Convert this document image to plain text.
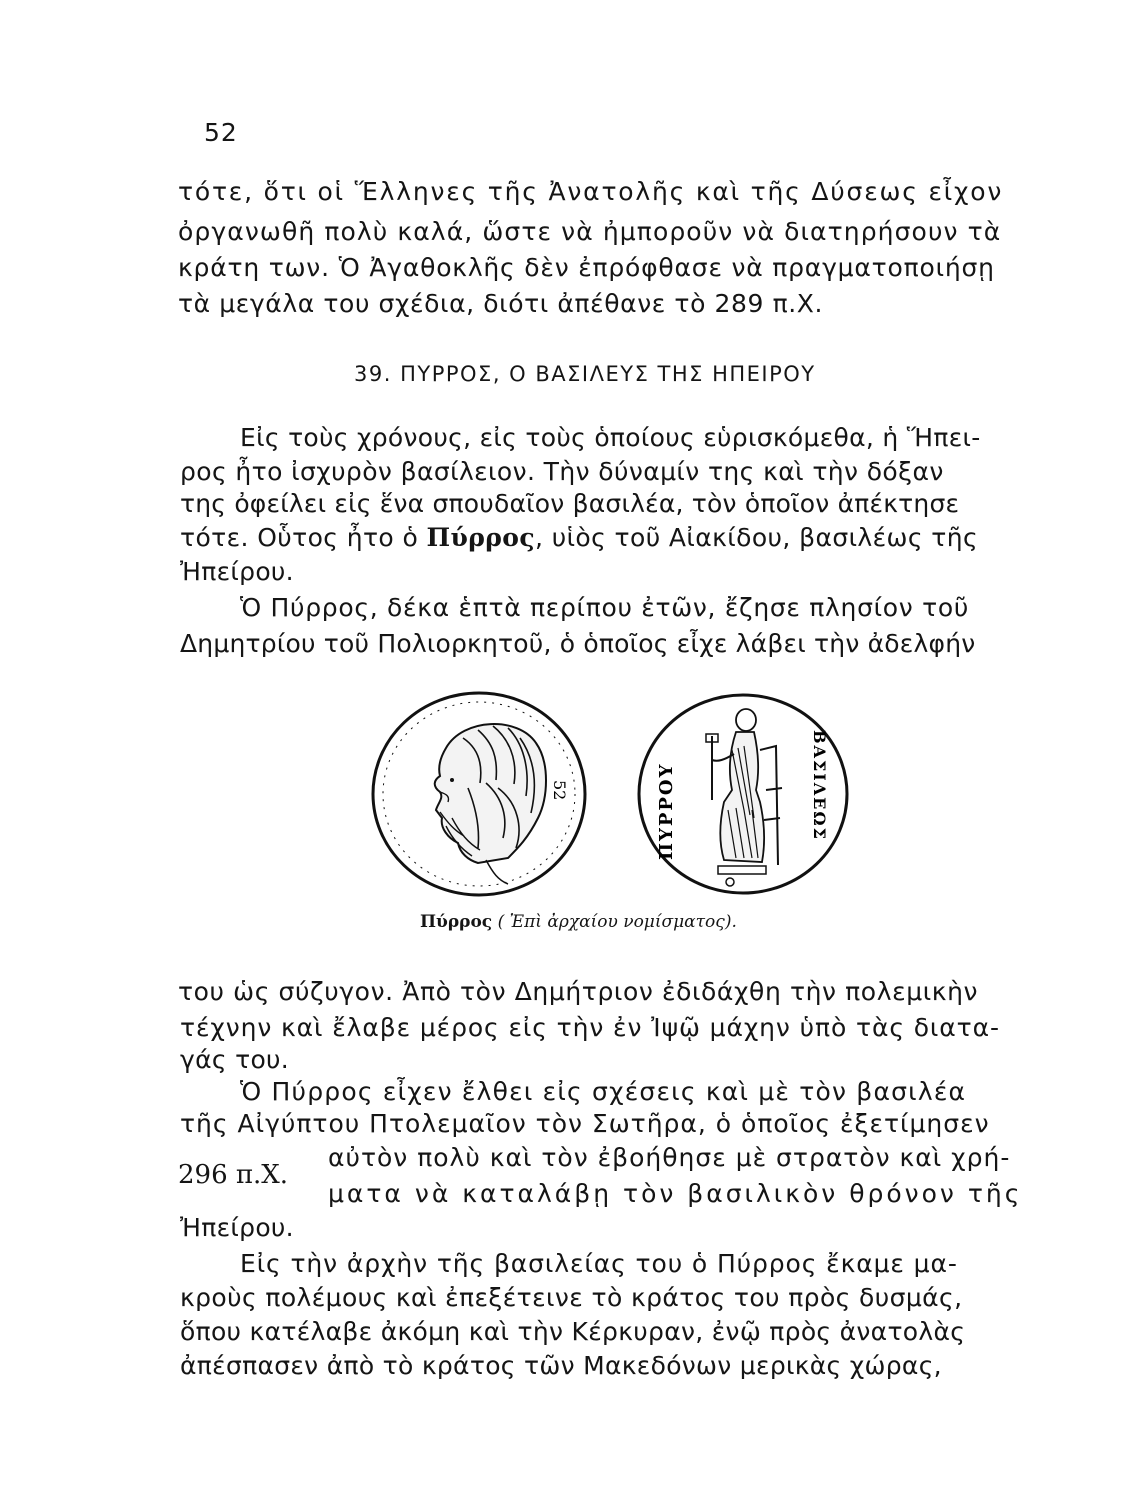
52
τότε, ὅτι οἱ Ἕλληνες τῆς Ἀνατολῆς καὶ τῆς Δύσεως εἶχον
ὀργανωθῆ πολὺ καλά, ὥστε νὰ ἠμποροῦν νὰ διατηρήσουν τὰ
κράτη των. Ὁ Ἀγαθοκλῆς δὲν ἐπρόφθασε νὰ πραγματοποιήσῃ
τὰ μεγάλα του σχέδια, διότι ἀπέθανε τὸ 289 π.Χ.
39. ΠΥΡΡΟΣ, Ο ΒΑΣΙΛΕΥΣ ΤΗΣ ΗΠΕΙΡΟΥ
Εἰς τοὺς χρόνους, εἰς τοὺς ὁποίους εὑρισκόμεθα, ἡ Ἥπει-
ρος ἦτο ἰσχυρὸν βασίλειον. Τὴν δύναμίν της καὶ τὴν δόξαν
της ὀφείλει εἰς ἕνα σπουδαῖον βασιλέα, τὸν ὁποῖον ἀπέκτησε
τότε. Οὗτος ἦτο ὁ Πύρρος, υἱὸς τοῦ Αἰακίδου, βασιλέως τῆς
Ἠπείρου.
Ὁ Πύρρος, δέκα ἑπτὰ περίπου ἐτῶν, ἔζησε πλησίον τοῦ
Δημητρίου τοῦ Πολιορκητοῦ, ὁ ὁποῖος εἶχε λάβει τὴν ἀδελφήν
52	ΠΥΡΡΟΥ	ΒΑΣΙΛΕΩΣ
Πύρρος ( Ἐπὶ ἀρχαίου νομίσματος).
του ὡς σύζυγον. Ἀπὸ τὸν Δημήτριον ἐδιδάχθη τὴν πολεμικὴν
τέχνην καὶ ἔλαβε μέρος εἰς τὴν ἐν Ἰψῷ μάχην ὑπὸ τὰς διατα-
γάς του.
Ὁ Πύρρος εἶχεν ἔλθει εἰς σχέσεις καὶ μὲ τὸν βασιλέα
τῆς Αἰγύπτου Πτολεμαῖον τὸν Σωτῆρα, ὁ ὁποῖος ἐξετίμησεν
αὐτὸν πολὺ καὶ τὸν ἐβοήθησε μὲ στρατὸν καὶ χρή-
ματα νὰ καταλάβῃ τὸν βασιλικὸν θρόνον τῆς
Ἠπείρου.
296 π.Χ.
Εἰς τὴν ἀρχὴν τῆς βασιλείας του ὁ Πύρρος ἔκαμε μα-
κροὺς πολέμους καὶ ἐπεξέτεινε τὸ κράτος του πρὸς δυσμάς,
ὅπου κατέλαβε ἀκόμη καὶ τὴν Κέρκυραν, ἐνῷ πρὸς ἀνατολὰς
ἀπέσπασεν ἀπὸ τὸ κράτος τῶν Μακεδόνων μερικὰς χώρας,
